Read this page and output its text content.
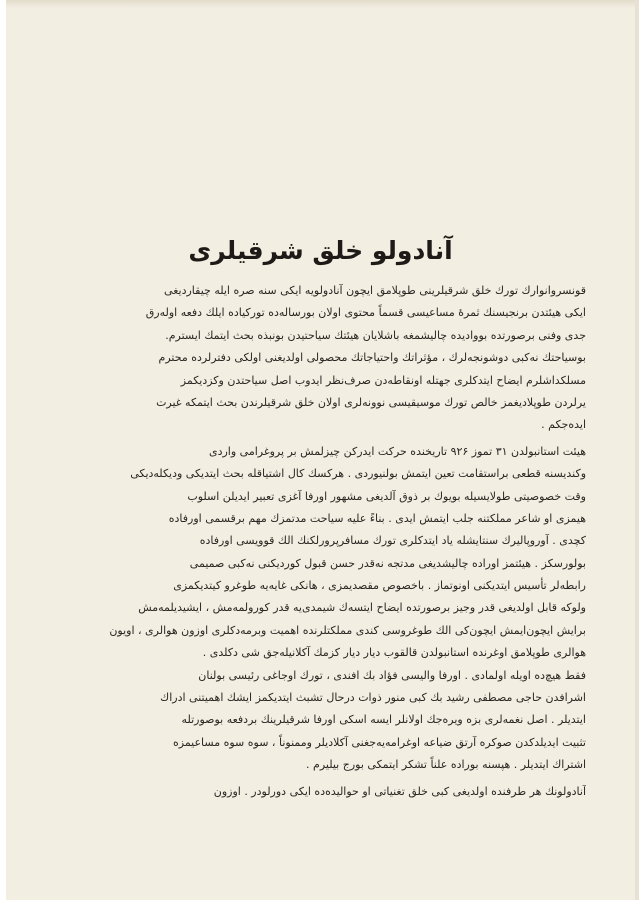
آنادولو خلق شرقیلری
قونسروانوارك تورك خلق شرقیلرینی طوپلامق ایچون آنادولویه ایکی سنه صره ایله چیقاردیغی
ایکی هیئتدن برنجیسنك ثمرهٔ مساعیسی قسماً محتوی اولان بورساله‌ده تورکیاده ایلك دفعه اوله‌رق
جدی وفنی برصورتده بووادیده چالیشمغه باشلایان هیئتك سیاحتیدن بونبذه بحث ایتمك ایسترم.
بوسیاحتك نه‌کبی دوشونجه‌لرك ، مؤثراتك واحتیاجاتك محصولی اولدیغنی اولکی دفترلرده محترم
مسلکداشلرم ایضاح ایتدکلری جهتله اونقاطه‌دن صرف‌نظر ایدوب اصل سیاحتدن وکزدیکمز
یرلردن طوپلادیغمز خالص تورك موسیقیسی نوونه‌لری اولان خلق شرقیلرندن بحث ایتمکه غیرت
ایده‌جکم .
هیئت استانبولدن ۳۱ تموز ۹۲۶ تاریخنده حرکت ایدرکن چیزلمش بر پروغرامی واردی
وکندیسنه قطعی براستقامت تعین ایتمش بولنیوردی . هرکسك کال اشتیاقله بحث ایتدیکی ودیکله‌دیکی
وقت خصوصیتی طولایسیله بویوك بر ذوق آلدیغی مشهور اورفا آغزی تعبیر ایدیلن اسلوب
هیمزی او شاعر مملکتنه جلب ایتمش ایدی . بناءً علیه سیاحت مدتمزك مهم برقسمی اورفاده
کچدی . آوروپالیرك سنتایشله یاد ایتدکلری تورك مسافرپرورلکنك الك قوویسی اورفاده
بولورسکز . هیئتمز اوراده چالیشدیغی مدتجه نه‌قدر حسن قبول کوردیکنی نه‌کبی صمیمی
رابطه‌لر تأسیس ایتدیکنی اونوتماز . باخصوص مقصدیمزی ، هانکی غایه‌یه طوغرو کیتدیکمزی
ولوکه قابل اولدیغی قدر وجیز برصورتده ایضاح ایتسه‌ك شیمدی‌یه قدر کورولمه‌مش ، ایشیدیلمه‌مش
برایش ایچون‌ایمش ایچون‌کی الك طوغروسی کندی مملکتلرنده اهمیت وبرمه‌دکلری اوزون هوالری ، اویون
هوالری طوپلامق اوغرنده استانبولدن قالقوب دیار دیار کزمك آکلانیله‌جق شی دکلدی .
فقط هیچ‌ده اویله اولمادی . اورفا والیسی فؤاد بك افندی ، تورك اوجاغی رئیسی بولنان
اشرافدن حاجی مصطفی رشید بك کبی منور ذوات درحال تشبث ایتدیکمز ایشك اهمیتنی ادراك
ایتدیلر . اصل نغمه‌لری بزه ویره‌جك اولانلر ایسه اسکی اورفا شرقیلرینك بردفعه بوصورتله
تثبیت ایدیلدکدن صوکره آرتق ضیاعه اوغرامه‌یه‌جغنی آکلادیلر وممنوناً ، سوه سوه مساعیمزه
اشتراك ایتدیلر . هپسنه بوراده علناً تشکر ایتمکی بورج بیلیرم .
آنادولونك هر طرفنده اولدیغی کبی خلق تغنیاتی او حوالیده‌ده ایکی دورلودر . اوزون
